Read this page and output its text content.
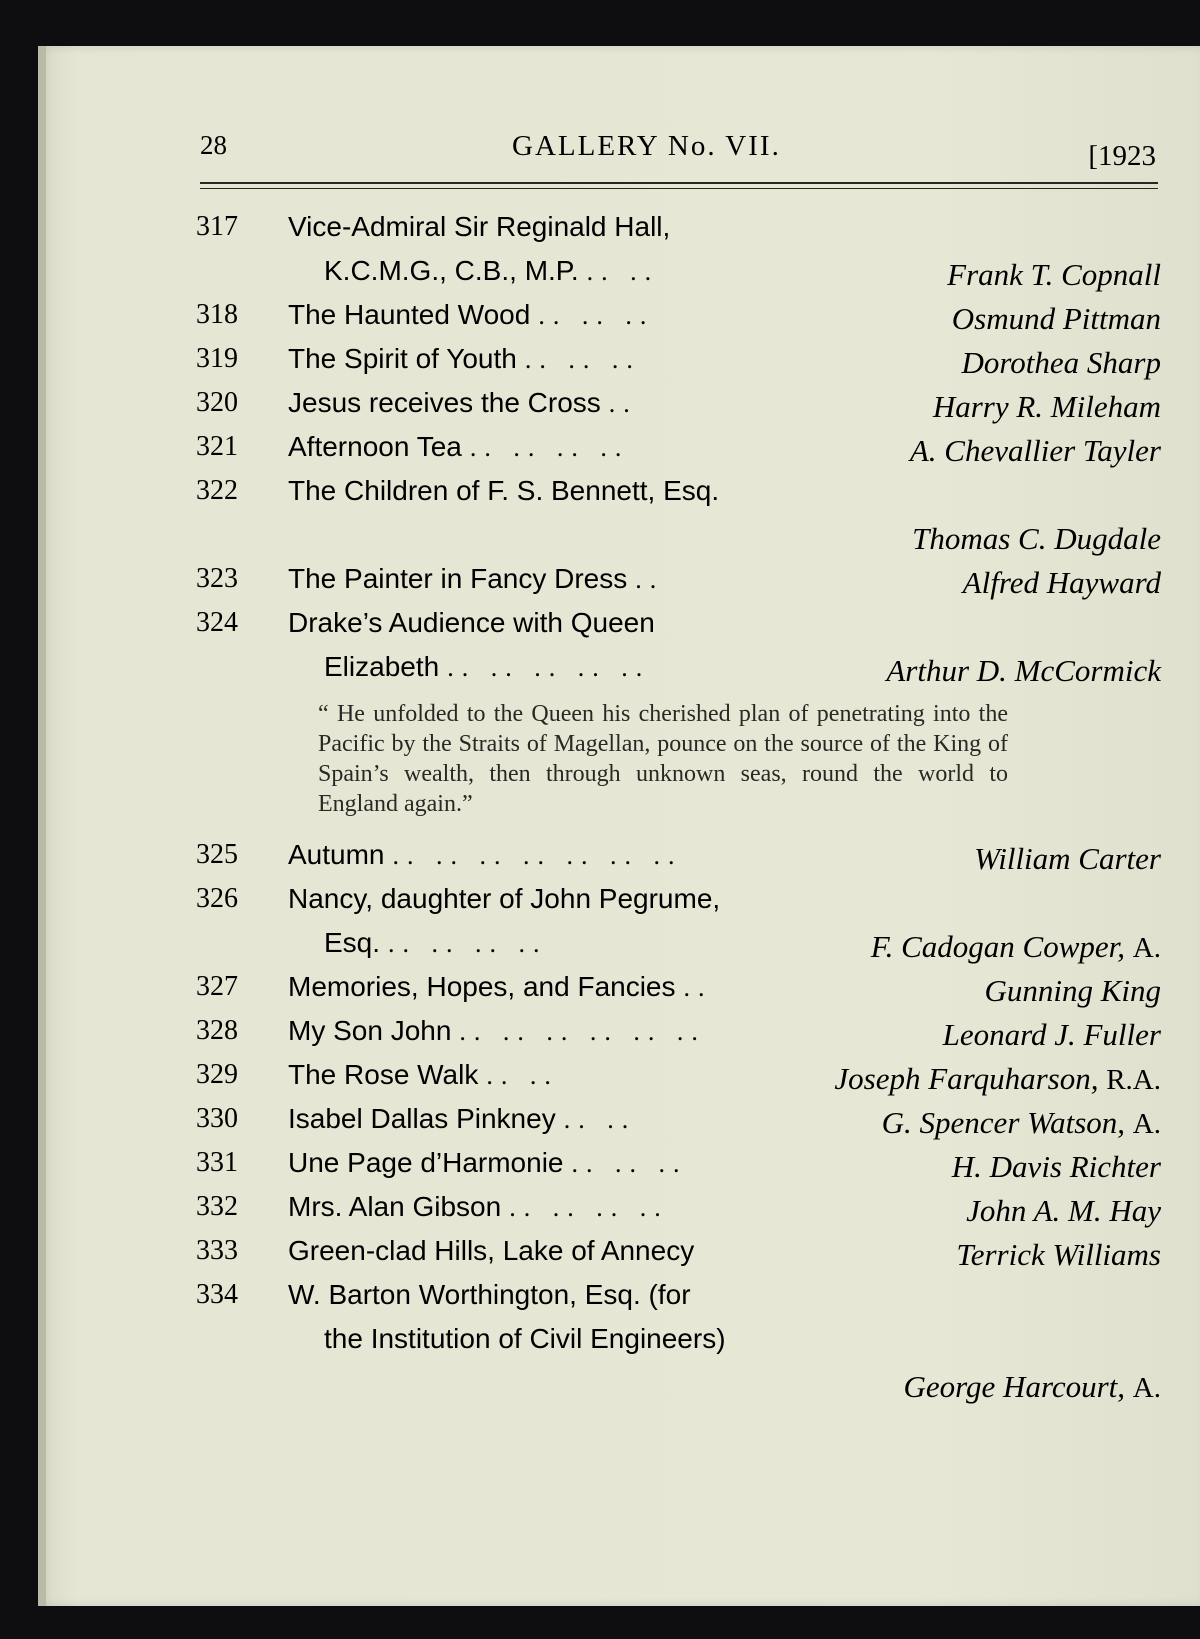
28	GALLERY No. VII.	[1923
317	Vice-Admiral Sir Reginald Hall,
K.C.M.G., C.B., M.P. .. ..	Frank T. Copnall
318	The Haunted Wood .. .. ..	Osmund Pittman
319	The Spirit of Youth .. .. ..	Dorothea Sharp
320	Jesus receives the Cross ..	Harry R. Mileham
321	Afternoon Tea .. .. .. ..	A. Chevallier Tayler
322	The Children of F. S. Bennett, Esq.
Thomas C. Dugdale
323	The Painter in Fancy Dress ..	Alfred Hayward
324	Drake’s Audience with Queen
Elizabeth .. .. .. .. ..	Arthur D. McCormick
“ He unfolded to the Queen his cherished plan of penetrating into the Pacific by the Straits of Magellan, pounce on the source of the King of Spain’s wealth, then through unknown seas, round the world to England again.”
325	Autumn .. .. .. .. .. .. ..	William Carter
326	Nancy, daughter of John Pegrume,
Esq. .. .. .. ..	F. Cadogan Cowper, A.
327	Memories, Hopes, and Fancies ..	Gunning King
328	My Son John .. .. .. .. .. ..	Leonard J. Fuller
329	The Rose Walk .. ..	Joseph Farquharson, R.A.
330	Isabel Dallas Pinkney .. ..	G. Spencer Watson, A.
331	Une Page d’Harmonie .. .. ..	H. Davis Richter
332	Mrs. Alan Gibson .. .. .. ..	John A. M. Hay
333	Green-clad Hills, Lake of Annecy	Terrick Williams
334	W. Barton Worthington, Esq. (for
the Institution of Civil Engineers)
George Harcourt, A.
